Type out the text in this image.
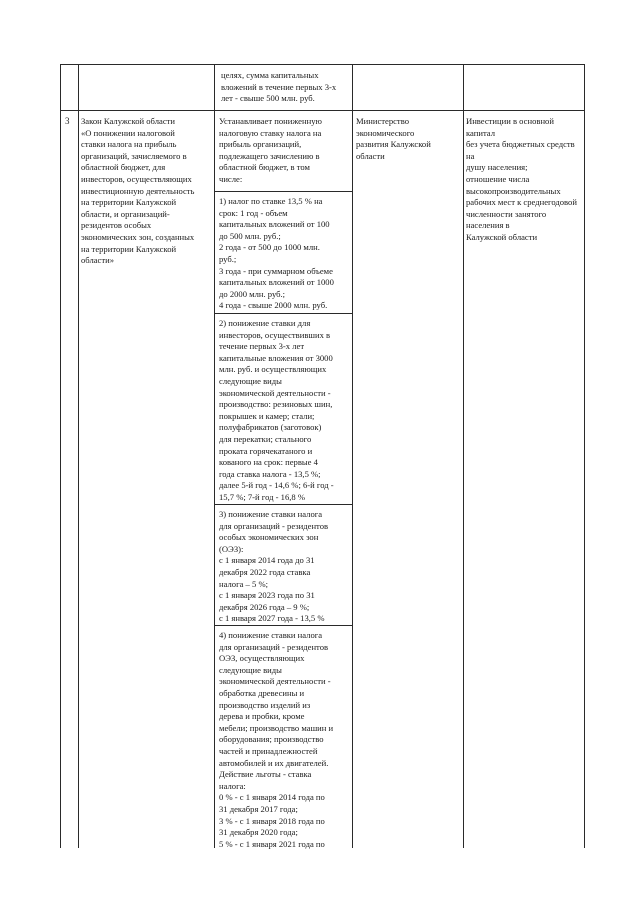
целях, сумма капитальных
вложений в течение первых 3-х
лет - свыше 500 млн. руб.
3 Закон Калужской области
«О понижении налоговой
ставки налога на прибыль
организаций, зачисляемого в
областной бюджет, для
инвесторов, осуществляющих
инвестиционную деятельность
на территории Калужской
области, и организаций-
резидентов особых
экономических зон, созданных
на территории Калужской
области»
Устанавливает пониженную
налоговую ставку налога на
прибыль организаций,
подлежащего зачислению в
областной бюджет, в том
числе:
1) налог по ставке 13,5 % на
срок: 1 год - объем
капитальных вложений от 100
до 500 млн. руб.;
2 года - от 500 до 1000 млн.
руб.;
3 года - при суммарном объеме
капитальных вложений от 1000
до 2000 млн. руб.;
4 года - свыше 2000 млн. руб.
2) понижение ставки для
инвесторов, осуществивших в
течение первых 3-х лет
капитальные вложения от 3000
млн. руб. и осуществляющих
следующие виды
экономической деятельности -
производство: резиновых шин,
покрышек и камер; стали;
полуфабрикатов (заготовок)
для перекатки; стального
проката горячекатаного и
кованого на срок: первые 4
года ставка налога - 13,5 %;
далее 5-й год - 14,6 %; 6-й год -
15,7 %; 7-й год - 16,8 %
3) понижение ставки налога
для организаций - резидентов
особых экономических зон
(ОЭЗ):
с 1 января 2014 года до 31
декабря 2022 года ставка
налога – 5 %;
с 1 января 2023 года по 31
декабря 2026 года – 9 %;
с 1 января 2027 года - 13,5 %
4) понижение ставки налога
для организаций - резидентов
ОЭЗ, осуществляющих
следующие виды
экономической деятельности -
обработка древесины и
производство изделий из
дерева и пробки, кроме
мебели; производство машин и
оборудования; производство
частей и принадлежностей
автомобилей и их двигателей.
Действие льготы - ставка
налога:
0 % - с 1 января 2014 года по
31 декабря 2017 года;
3 % - с 1 января 2018 года по
31 декабря 2020 года;
5 % - с 1 января 2021 года по
Министерство
экономического
развития Калужской
области
Инвестиции в основной капитал
без учета бюджетных средств на
душу населения;
отношение числа
высокопроизводительных
рабочих мест к среднегодовой
численности занятого населения в
Калужской области
